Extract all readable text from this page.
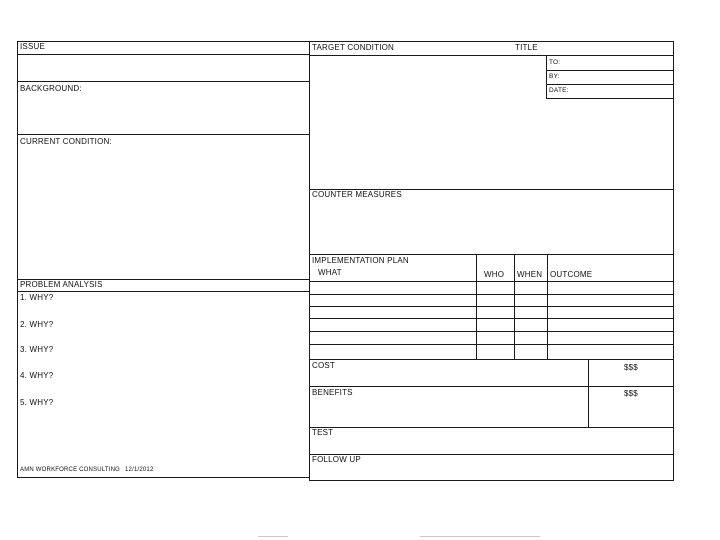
ISSUE
BACKGROUND:
CURRENT CONDITION:
PROBLEM ANALYSIS
1. WHY?
2. WHY?
3. WHY?
4. WHY?
5. WHY?
AMN WORKFORCE CONSULTING 12/1/2012
TARGET CONDITION	TITLE
TO:
BY:
DATE:
COUNTER MEASURES
IMPLEMENTATION PLAN
WHAT	WHO WHEN OUTCOME
COST	$$$
BENEFITS	$$$
TEST
FOLLOW UP
